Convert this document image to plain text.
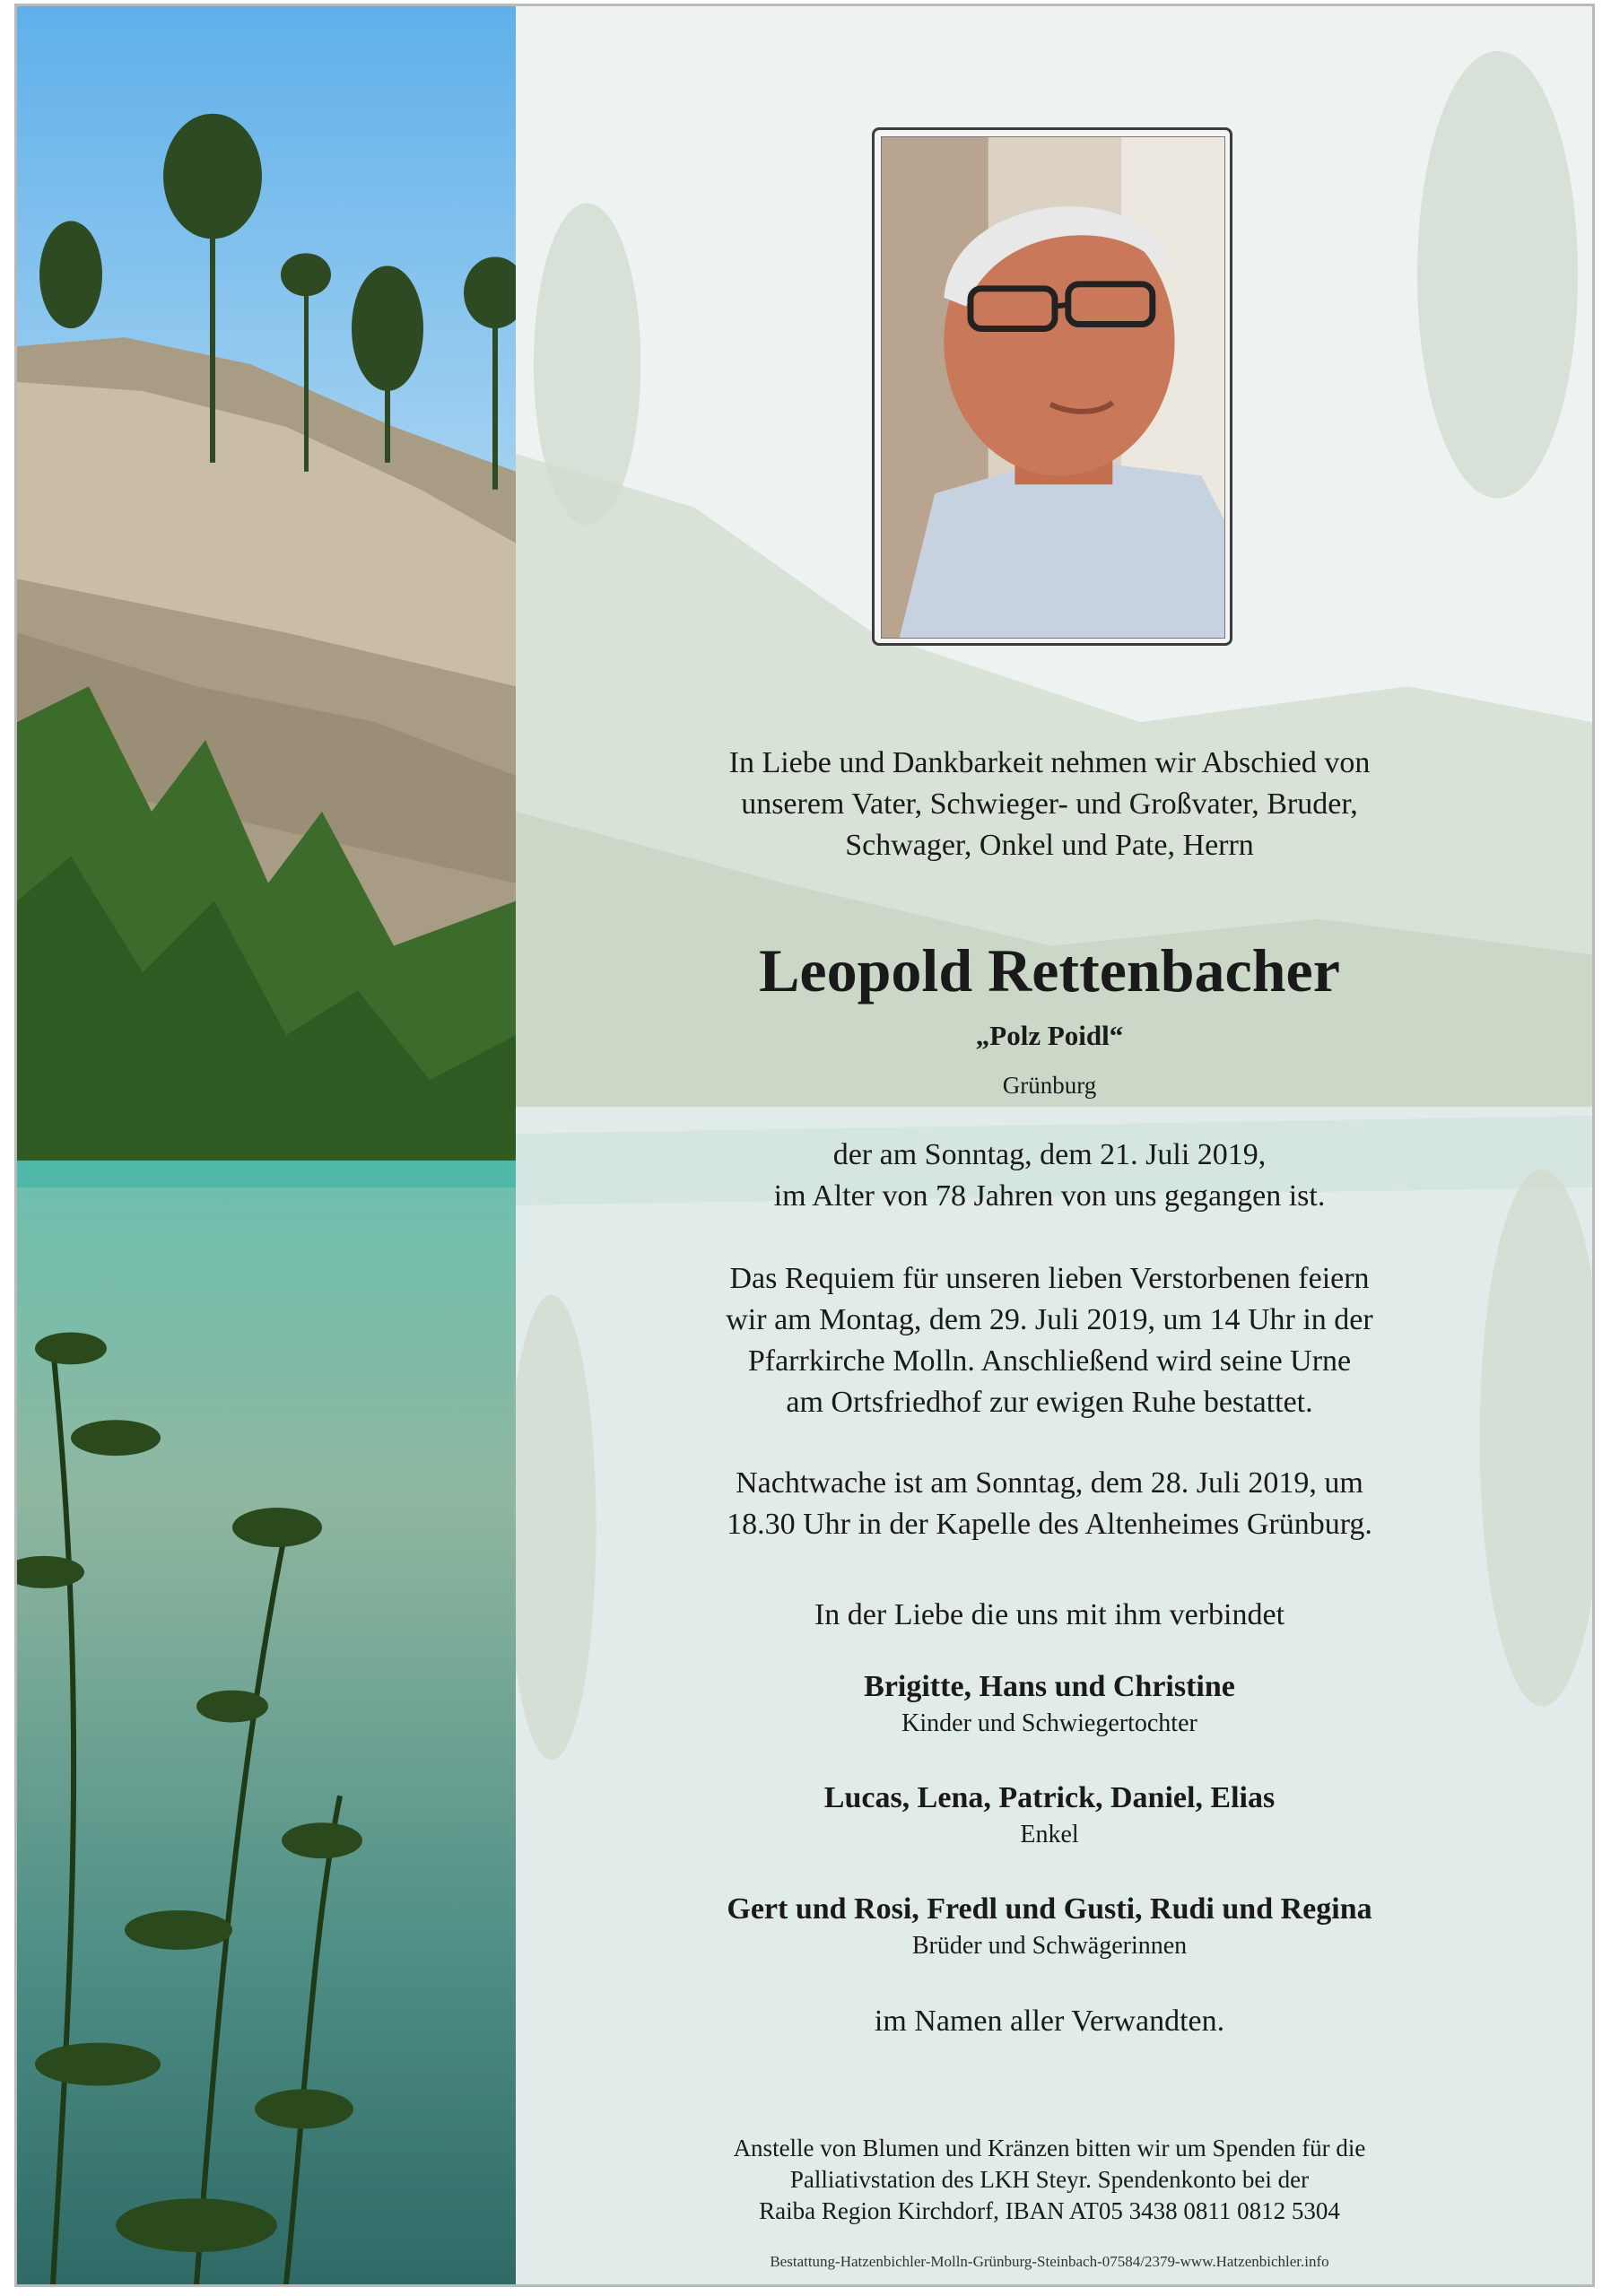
In Liebe und Dankbarkeit nehmen wir Abschied von
unserem Vater, Schwieger- und Großvater, Bruder,
Schwager, Onkel und Pate, Herrn

Leopold Rettenbacher

„Polz Poidl“

Grünburg

der am Sonntag, dem 21. Juli 2019,
im Alter von 78 Jahren von uns gegangen ist.

Das Requiem für unseren lieben Verstorbenen feiern
wir am Montag, dem 29. Juli 2019, um 14 Uhr in der
Pfarrkirche Molln. Anschließend wird seine Urne
am Ortsfriedhof zur ewigen Ruhe bestattet.

Nachtwache ist am Sonntag, dem 28. Juli 2019, um
18.30 Uhr in der Kapelle des Altenheimes Grünburg.

In der Liebe die uns mit ihm verbindet

Brigitte, Hans und Christine
Kinder und Schwiegertochter
Lucas, Lena, Patrick, Daniel, Elias
Enkel
Gert und Rosi, Fredl und Gusti, Rudi und Regina
Brüder und Schwägerinnen

im Namen aller Verwandten.

Anstelle von Blumen und Kränzen bitten wir um Spenden für die
Palliativstation des LKH Steyr. Spendenkonto bei der
Raiba Region Kirchdorf, IBAN AT05 3438 0811 0812 5304

Bestattung-Hatzenbichler-Molln-Grünburg-Steinbach-07584/2379-www.Hatzenbichler.info
